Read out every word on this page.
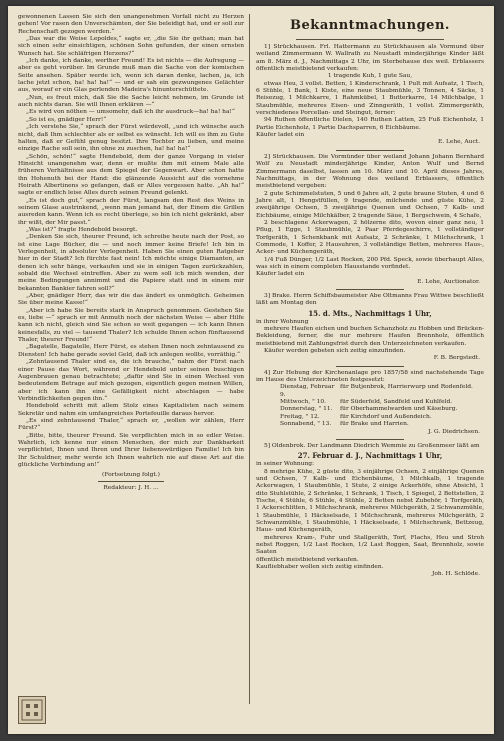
gewonnenen Lassen Sie sich den unangenehmen Vorfall nicht zu Herzen gehen! Vor rasen den Unverschämten, der Sie beleidigt hat, und er soll zur Rechenschaft gezogen werden.“

„Das war die Weise Lepoldes,“ sagte er, „die Sie ihr gethan; man hat sich einen sehr einsichtigen, schönen Sohn gefunden, der einen ernsten Wunsch hat. Sie schläfrigen Herzens?“

„Ich danke, ich danke, werther Freund! Es ist nichts — die Aufregung — aber es geht vorüber. Im Grunde muß man die Sache von der komischen Seite ansehen. Später werde ich, wenn ich daran denke, lachen, ja, ich lache jetzt schon, ha! ha! ha!“ — und er sah ein gezwungenes Gelächter aus, worauf er ein Glas perlenden Madeira's hinunterschüttete.

„Nun, es freut mich, daß Sie die Sache leicht nehmen, im Grunde ist auch nichts daran. Sie will Ihnen erklären —“

„Es wird von nöthen — umsomehr, daß ich ihr ausdruck—ha! ha! ha!“

„So ist es, gnädiger Herr!“

„Ich verstehe Sie,“ sprach der Fürst würdevoll, „und ich wünsche auch nicht, daß Ihm schlechter als er selbst es wünscht. Ich will es ihm zu Gute halten, daß er Gefühl genug besitzt. Ihre Tochter zu lieben, und meine einzige Rache soll sein, ihn ohne zu zuschen, ha! ha! ha!“

„Schön, schön!“ sagte Hendebold, dem der ganze Vorgang in vieler Hinsicht unangenehm war, denn er mußte ihm mit einem Male alle früheren Verhältnisse aus dem Spiegel der Gegenwart. Aber schon hatte ihn Hohenuth bei der Hand: die glänzende Aussicht auf die vornehme Heirath Albertinens so gefangen, daß er Alles vergessen hatte. „Ah ha!“ sagte er endlich leise Alles durch seinen Freund gelenkt.

„Es ist doch gut,“ sprach der Fürst, langsam den Rest des Weins in seinem Glase austrinkend, „wenn man jemand hat, der Einem die Grillen ausreden kann. Wenn ich es recht überlege, so bin ich nicht gekränkt, aber ihr wißt, der Mir passt.“

„Was ist?“ fragte Hendebold besorgt.

„Denken Sie sich, theurer Freund, ich schreibe heute nach der Post, so ist eine Lage Bücher, die — und noch immer keine Briefe! Ich bin in Verlegenheit, in absoluter Verlegenheit. Haben Sie einen guten Ratgeber hier in der Stadt? Ich fürchte fast nein! Ich möchte einige Diamanten, an denen ich sehr hänge, verkaufen und sie in einigen Tagen zurückzahlen, sobald die Wechsel eintreffen. Aber zu wem soll ich mich wenden, der meine Bedingungen annimmt und die Papiere statt und in einem mir bekannten Bankier fahren soll?“

„Aber, gnädiger Herr, das wir die das ändert es unmöglich. Geheimen Sie über meine Kasse!“

„Aber ich habe Sie bereits stark in Anspruch genommen. Gestehen Sie es, liebe —“ sprach er mit Anmuth noch der nächsten Weise — aber Hilfe kann ich nicht, gleich sind Sie schon so weit gegangen — ich kann Ihnen keinesfalls, zu viel — tausend Thaler? Ich schulde Ihnen schon fünftausend Thaler, theurer Freund!“

„Bagatelle, Bagatelle, Herr Fürst, es stehen Ihnen noch zehntausend zu Diensten! Ich habe gerade soviel Geld, daß ich anlegen wollte, vorräthig.“

„Zehntausend Thaler sind es, die ich brauche,“ nahm der Fürst nach einer Pause das Wort, während er Hendebold unter seinen buschigen Augenbrauen genau betrachtete; „dafür sind Sie in einen Wechsel von bedeutendem Betrage auf mich gezogen, eigentlich gegen meinen Willen, aber ich kann ihn eine Gefälligkeit nicht abschlagen — habe Verbindlichkeiten gegen ihn.“

Hendebold schritt mit allem Stolz eines Kapitalisten nach seinem Sekretär und nahm ein umfangreiches Portefeuille daraus hervor.

„Es sind zehntausend Thaler,“ sprach er, „wollen wir zählen, Herr Fürst?“

„Bitte, bitte, theurer Freund. Sie verpflichten mich in so edler Weise. Wahrlich, ich kenne nur einen Menschen, der mich zur Dankbarkeit verpflichtet, Ihnen und Ihren und Ihrer liebenswürdigen Familie! Ich bin Ihr Schuldner, mehr werde ich Ihnen wahrlich nie auf diese Art auf die glückliche Verbindung an!“

(Fortsetzung folgt.)
Redakteur: J. H. ...
Bekanntmachungen.

1] Strückhausen. Frl. Hattermann zu Strückhausen als Vormund über weiland Zimmermann W. Wallrath zu Neustadt minderjährige Kinder läßt am 8. März d. J., Nachmittags 2 Uhr, im Sterbehause des weil. Erblassers öffentlich meistbietend verkaufen:

1 tragende Kuh, 1 gute Sau,

etwas Heu, 3 vollst. Betten, 1 Kinderschrank, 1 Pult mit Aufsatz, 1 Tisch, 6 Stühle, 1 Bank, 1 Kiste, eine neue Staubmühle, 3 Tonnen, 4 Säcke, 1 Reisezug, 1 Milchkarre, 1 Rahmkübel, 1 Butterkarre, 14 Milchbalge, 1 Staubmühle, mehreres Eisen- und Zinngeräth, 1 vollst. Zimmergeräth, verschiedenes Porcellan- und Steingut, ferner:

94 Ruthen öffentliche Dielen, 140 Ruthen Latten, 25 Fuß Eichenholz, 1 Partie Eichenholz, 1 Partie Dachsparren, 6 Eichbäume.

Käufer ladet ein

E. Lehe, Auct.

2] Strückhausen. Die Vormünder über weiland Johann Johann Bernhard Wolf zu Neustadt minderjährige Kinder, Anton Wulf und Bernd Zimmermann daselbst, lassen am 10. März und 10. April dieses Jahres, Nachmittags, in der Wohnung des weiland Erblassers, öffentlich meistbietend vergeben:

2 gute Schimmelstuten, 5 und 6 Jahre alt, 2 gute braune Stuten, 4 und 6 Jahre alt, 1 Hengstfüllen, 9 tragende, milchende und güste Kühe, 2 zweijährige Ochsen, 5 zweijährige Quenen und Ochsen, 7 Kalb- und Eichbäume, einige Milchkälber, 2 tragende Säue, 1 Bergschwein, 4 Schafe,

2 beschlagene Ackerwagen, 2 hölzerne dito, wovon einer ganz neu, 1 Pflug, 1 Egge, 1 Staubmühle, 2 Paar Pferdegeschirre, 1 vollständiger Torfgeräth, 1 Schenkbank mit Aufsatz, 2 Schränke, 1 Milchschrank, 1 Commode, 1 Koffer, 2 Hausuhren, 3 vollständige Betten, mehreres Haus-, Acker- und Küchengeräth,

1/4 Fuß Dünger, 1/2 Last Rocken, 200 Pfd. Speck, sowie überhaupt Alles, was sich in einem completen Hausstande vorfindet.

Käufer ladet ein

E. Lehe, Auctionator.

3] Brake. Herrn Schiffsbaumeister Abe Oltmanns Frau Wittwe beschließt läßt am Montag den

15. d. Mts., Nachmittags 1 Uhr,

in ihrer Wohnung

mehrere Haufen eichen und buchen Schanzholz zu Hobben und Brücken-Bekleidung, ferner, die nur mehrere Haufen Brennholz, öffentlich meistbietend mit Zahlungsfrist durch den Unterzeichneten verkaufen.

Käufer werden gebeten sich zeitig einzufinden.

F. B. Bergstedt.

4] Zur Hebung der Kirchenanlage pro 1857/58 sind nachstehende Tage im Hause des Unterzeichneten festgesetzt:

Dienstag, Februar 9.
für Butjenbrok, Harrierwurp und Rodenfeld.
Mittwoch, " 10.	für Süderfeld, Sandfeld und Kuhlfeld.
Donnerstag, " 11.	für Oberhammelwarden und Käseburg.
Freitag, " 12.	für Kirchdorf und Außendeich.
Sonnabend, " 13.	für Brake und Harrien.
J. G. Diedrichsen.

5] Oldenbrok. Der Landmann Diedrich Wemmie zu Großenmeer läßt am

27. Februar d. J., Nachmittags 1 Uhr,

in seiner Wohnung:

8 mehrige Kühe, 2 güste dito, 3 einjährige Ochsen, 2 einjährige Quenen und Ochsen, 7 Kalb- und Eichenbäume, 1 Milchkalb, 1 tragende Ackerwagen, 1 Staubmühle, 1 Stute, 2 einige Ackerhöfe, ohne Absicht, 1 dito Stuhlstühle, 2 Schränke, 1 Schrank, 1 Tisch, 1 Spiegel, 2 Bettstellen, 2 Tische, 4 Stühle, 6 Stühle, 4 Stühle, 2 Betten nebst Zubehör, 1 Torfgeräth, 1 Ackerschlitten, 1 Milchschrank, mehreres Milchgeräth, 2 Schwanzmühle, 1 Staubmühle, 1 Häckselsade, 1 Milchschrank, mehreres Milchgeräth, 2 Schwanzmühle, 1 Staubmühle, 1 Häckselsade, 1 Milchschrank, Bettzeug, Haus- und Küchengeräth,

mehreres Kram-, Fuhr und Stallgeräth, Torf, Flachs, Heu und Stroh nebst Roggen, 1/2 Last Rocken, 1/2 Last Roggen, Saat, Brennholz, sowie Saaten

öffentlich meistbietend verkaufen.

Kaufliebhaber wollen sich zeitig einfinden.

Joh. H. Schlöde.
